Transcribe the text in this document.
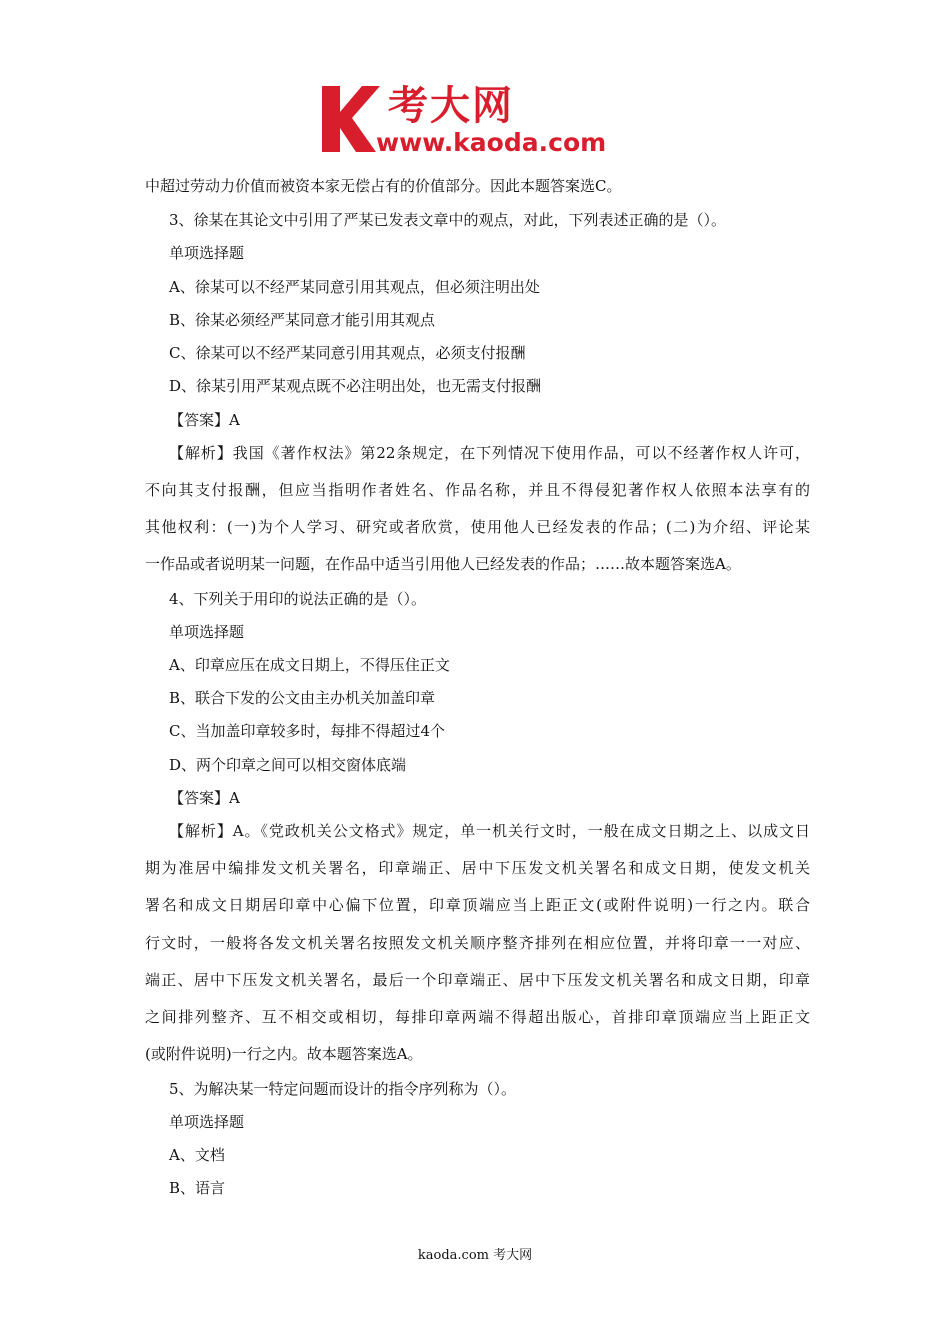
考大网
www.kaoda.com
中超过劳动力价值而被资本家无偿占有的价值部分。因此本题答案选C。
3、徐某在其论文中引用了严某已发表文章中的观点，对此，下列表述正确的是（）。
单项选择题
A、徐某可以不经严某同意引用其观点，但必须注明出处
B、徐某必须经严某同意才能引用其观点
C、徐某可以不经严某同意引用其观点，必须支付报酬
D、徐某引用严某观点既不必注明出处，也无需支付报酬
【答案】A
【解析】我国《著作权法》第22条规定，在下列情况下使用作品，可以不经著作权人许可，
不向其支付报酬，但应当指明作者姓名、作品名称，并且不得侵犯著作权人依照本法享有的
其他权利：(一)为个人学习、研究或者欣赏，使用他人已经发表的作品；(二)为介绍、评论某
一作品或者说明某一问题，在作品中适当引用他人已经发表的作品；……故本题答案选A。
4、下列关于用印的说法正确的是（）。
单项选择题
A、印章应压在成文日期上，不得压住正文
B、联合下发的公文由主办机关加盖印章
C、当加盖印章较多时，每排不得超过4个
D、两个印章之间可以相交窗体底端
【答案】A
【解析】A。《党政机关公文格式》规定，单一机关行文时，一般在成文日期之上、以成文日
期为准居中编排发文机关署名，印章端正、居中下压发文机关署名和成文日期，使发文机关
署名和成文日期居印章中心偏下位置，印章顶端应当上距正文(或附件说明)一行之内。联合
行文时，一般将各发文机关署名按照发文机关顺序整齐排列在相应位置，并将印章一一对应、
端正、居中下压发文机关署名，最后一个印章端正、居中下压发文机关署名和成文日期，印章
之间排列整齐、互不相交或相切，每排印章两端不得超出版心，首排印章顶端应当上距正文
(或附件说明)一行之内。故本题答案选A。
5、为解决某一特定问题而设计的指令序列称为（）。
单项选择题
A、文档
B、语言
kaoda.com 考大网
